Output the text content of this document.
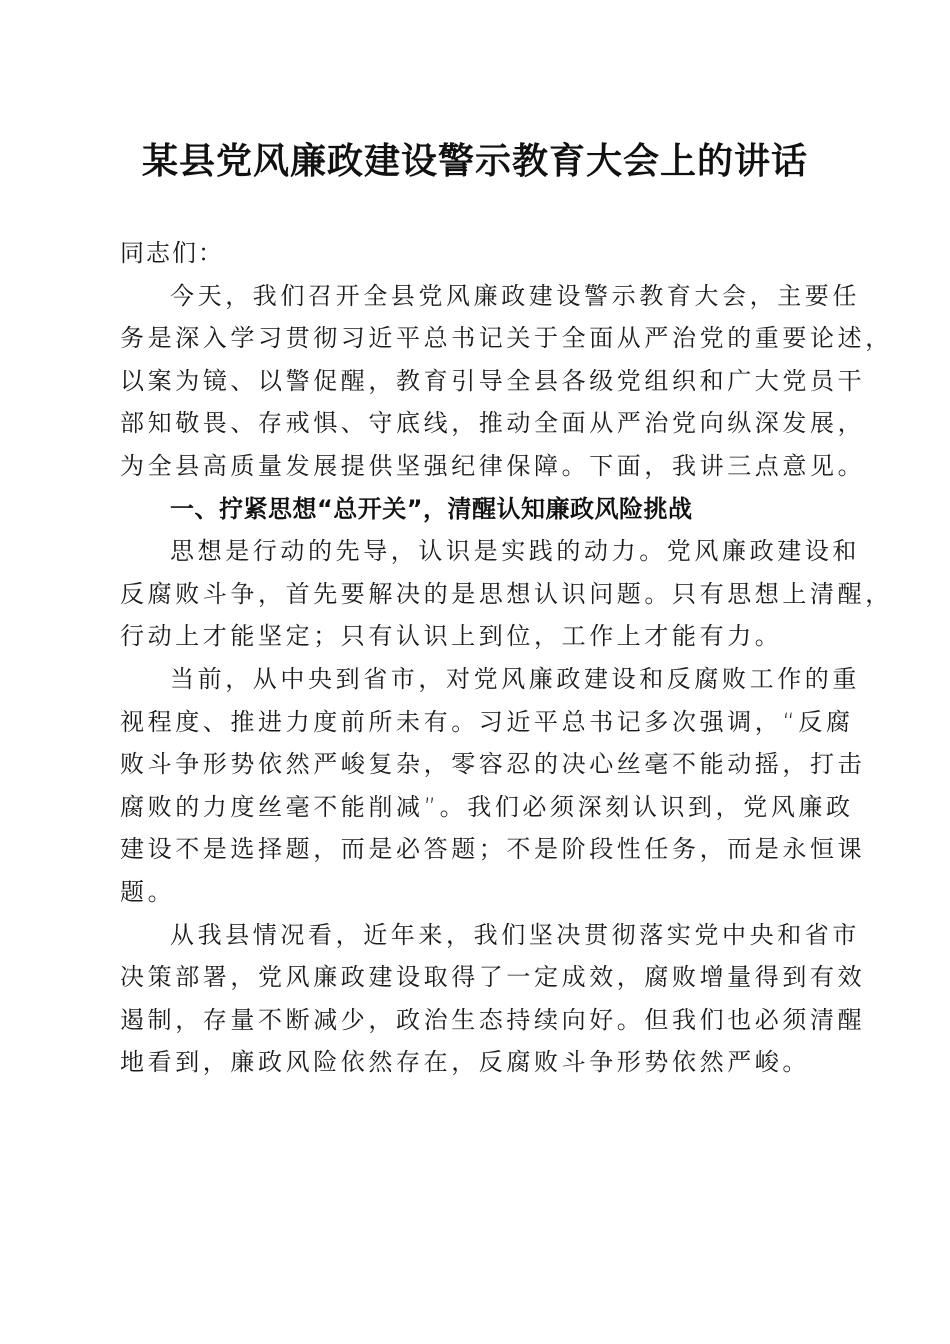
某县党风廉政建设警示教育大会上的讲话
同志们：
今天，我们召开全县党风廉政建设警示教育大会，主要任
务是深入学习贯彻习近平总书记关于全面从严治党的重要论述，
以案为镜、以警促醒，教育引导全县各级党组织和广大党员干
部知敬畏、存戒惧、守底线，推动全面从严治党向纵深发展，
为全县高质量发展提供坚强纪律保障。下面，我讲三点意见。
一、拧紧思想“总开关”，清醒认知廉政风险挑战
思想是行动的先导，认识是实践的动力。党风廉政建设和
反腐败斗争，首先要解决的是思想认识问题。只有思想上清醒，
行动上才能坚定；只有认识上到位，工作上才能有力。
当前，从中央到省市，对党风廉政建设和反腐败工作的重
视程度、推进力度前所未有。习近平总书记多次强调，“反腐
败斗争形势依然严峻复杂，零容忍的决心丝毫不能动摇，打击
腐败的力度丝毫不能削减”。我们必须深刻认识到，党风廉政
建设不是选择题，而是必答题；不是阶段性任务，而是永恒课
题。
从我县情况看，近年来，我们坚决贯彻落实党中央和省市
决策部署，党风廉政建设取得了一定成效，腐败增量得到有效
遏制，存量不断减少，政治生态持续向好。但我们也必须清醒
地看到，廉政风险依然存在，反腐败斗争形势依然严峻。
